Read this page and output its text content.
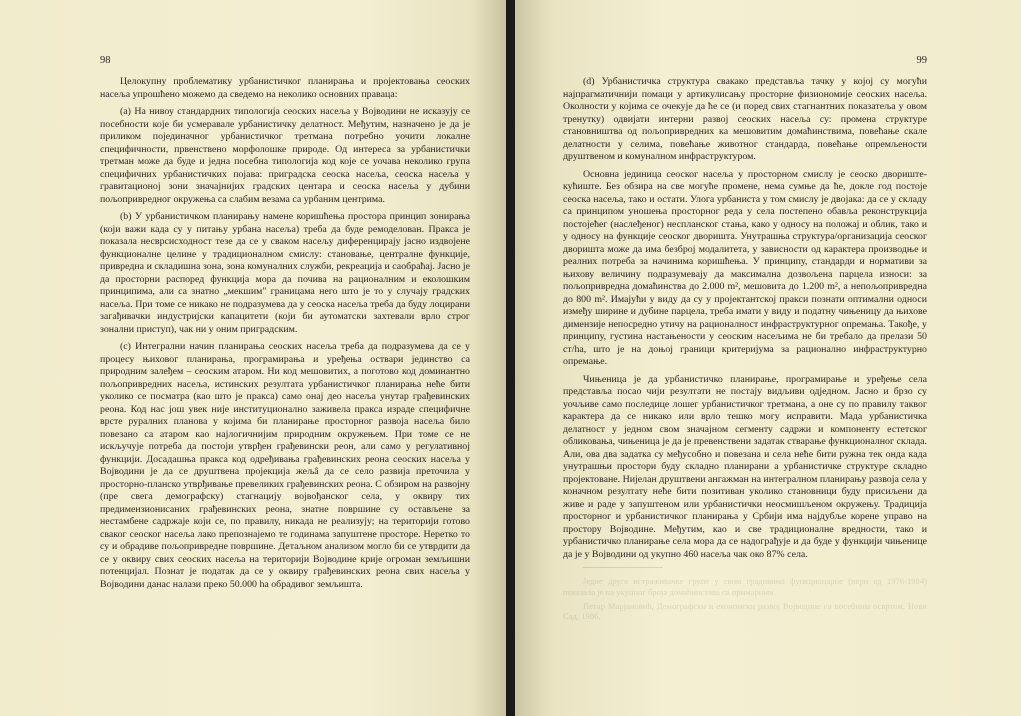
98

Целокупну проблематику урбанистичког планирања и пројектовања сеоских насеља упрошћено можемо да сведемо на неколико основних правaца:

(а) На нивоу стандардних типологија сеоских насеља у Војводини не исказују се посебности које би усмеравале урбанистичку делатност. Међутим, назначено је да је приликом појединачног урбанистичког третмана потребно уочити локалне специфичности, првенствено морфолошке природе. Од интереса за урбанистички третман може да буде и једна посебна типологија код које се уочава неколико група специфичних урбанистичких појава: приградска сеоска насеља, сеоска насеља у гравитационој зони значајнијих градских центара и сеоска насеља у дубини пољопривредног окружења са слабим везама са урбаним центрима.

(b) У урбанистичком планирању намене коришћења простора принцип зонирања (који важи када су у питању урбана насеља) треба да буде ремоделован. Пракса је показала несврсисходност тезе да се у сваком насељу диференцирају јасно издвојене функционалне целине у традиционалном смислу: становање, централне функције, привредна и складишна зона, зона комуналних служби, рекреација и саобраћај. Јасно је да просторни распоред функција мора да почива на рационалним и еколошким принципима, али са знатно „мекшим" границама него што је то у случају градских насеља. При томе се никако не подразумева да у сеоска насеља треба да буду лоцирани загађивачки индустријски капацитети (који би аутоматски захтевали врло строг зонални приступ), чак ни у оним приградским.

(c) Интегрални начин планирања сеоских насеља треба да подразумева да се у процесу њиховог планирања, програмирања и уређења оствари јединство са природним залеђем – сеоским атаром. Ни код мешовитих, а поготово код доминантно пољопривредних насеља, истинских резултата урбанистичког планирања неће бити уколико се посматра (као што је пракса) само онај део насеља унутар грађевинских реона. Код нас још увек није институционално заживела пракса израде специфичне врсте руралних планова у којима би планирање просторног развоја насеља било повезано са атаром као најлогичнијим природним окружењем. При томе се не искључује потреба да постоји утврђен грађевински реон, али само у регулативној функцији. Досадашња пракса код одређивања грађевинских реона сеоских насеља у Војводини је да се друштвена пројекција жељâ да се село развија преточила у просторно-планско утврђивање превеликих грађевинских реона. С обзиром на развојну (пре свега демографску) стагнацију војвођанског села, у оквиру тих предимензионисаних грађевинских реона, знатне површине су остављене за нестамбене садржаје који се, по правилу, никада не реализују; на територији готово сваког сеоског насеља лако препознајемо те годинама запуштене просторе. Неретко то су и обрадиве пољопривредне површине. Детаљном анализом могло би се утврдити да се у оквиру свих сеоских насеља на територији Војводине крије огроман земљишни потенцијал. Познат је податак да се у оквиру грађевинских реона свих насеља у Војводини данас налази преко 50.000 ha обрадивог земљишта.

99

(d) Урбанистичка структура свакако представља тачку у којој су могући најпрагматичнији помаци у артикулисању просторне физиономије сеоских насеља. Околности у којима се очекује да ће се (и поред свих стагнантних показатеља у овом тренутку) одвијати интерни развој сеоских насеља су: промена структуре становништва од пољопривредних ка мешовитим домаћинствима, повећање скале делатности у селима, повећање животног стандарда, повећање опремљености друштвеном и комуналном инфраструктуром.

Основна јединица сеоског насеља у просторном смислу је сеоско двориште-кућиште. Без обзира на све могуће промене, нема сумње да ће, докле год постоје сеоска насеља, тако и остати. Улога урбаниста у том смислу је двојака: да се у складу са принципом уношења просторног реда у села постепено обавља реконструкција постојећег (наслеђеног) неспланског стања, како у односу на положај и облик, тако и у односу на функције сеоског дворишта. Унутрашња структура/организација сеоског дворишта може да има безброј модалитета, у зависности од карактера производње и реалних потреба за начинима коришћења. У принципу, стандарди и нормативи за њихову величину подразумевају да максимална дозвољена парцела износи: за пољопривредна домаћинства до 2.000 m², мешовита до 1.200 m², а непољопривредна до 800 m². Имајући у виду да су у пројектантској пракси познати оптимални односи између ширине и дубине парцела, треба имати у виду и податну чињеницу да њихове димензије непосредно утичу на рационалност инфраструктурног опремања. Такође, у принципу, густина настањености у сеоским насељима не би требало да прелази 50 ст/ha, што је на доњој граници критеријума за рационално инфраструктурно опремање.

Чињеница је да урбанистичко планирање, програмирање и уређење села представља посао чији резултати не постају видљиви одједном. Јасно и брзо су уочљиве само последице лошег урбанистичког третмана, а оне су по правилу таквог карактера да се никако или врло тешко могу исправити. Мада урбанистичка делатност у једном свом значајном сегменту садржи и компоненту естетског обликовања, чињеница је да је превенствени задатак стварање функционалног склада. Али, ова два задатка су међусобно и повезана и села неће бити ружна тек онда када унутрашњи простори буду складно планирани а урбанистичке структуре складно пројектоване. Нијелан друштвени ангажман на интегралном планирању развоја села у коначном резултату неће бити позитиван уколико становници буду присиљени да живе и раде у запуштеном или урбанистички неосмишљеном окружењу. Традиција просторног и урбанистичког планирања у Србији има најдубље корене управо на простору Војводине. Међутим, као и све традиционалне вредности, тако и урбанистичко планирање села мора да се надограђује и да буде у функцији чињенице да је у Војводини од укупно 460 насеља чак око 87% села.

Једне друге истраживачке групе у свим градовима функционарне (пери од 1976-1984) показала је на укупног броја домаћинстава са примарним

Петар Марјановић, Демографски и економски развој Војводине са посебним освртом, Нови Сад, 1986.
